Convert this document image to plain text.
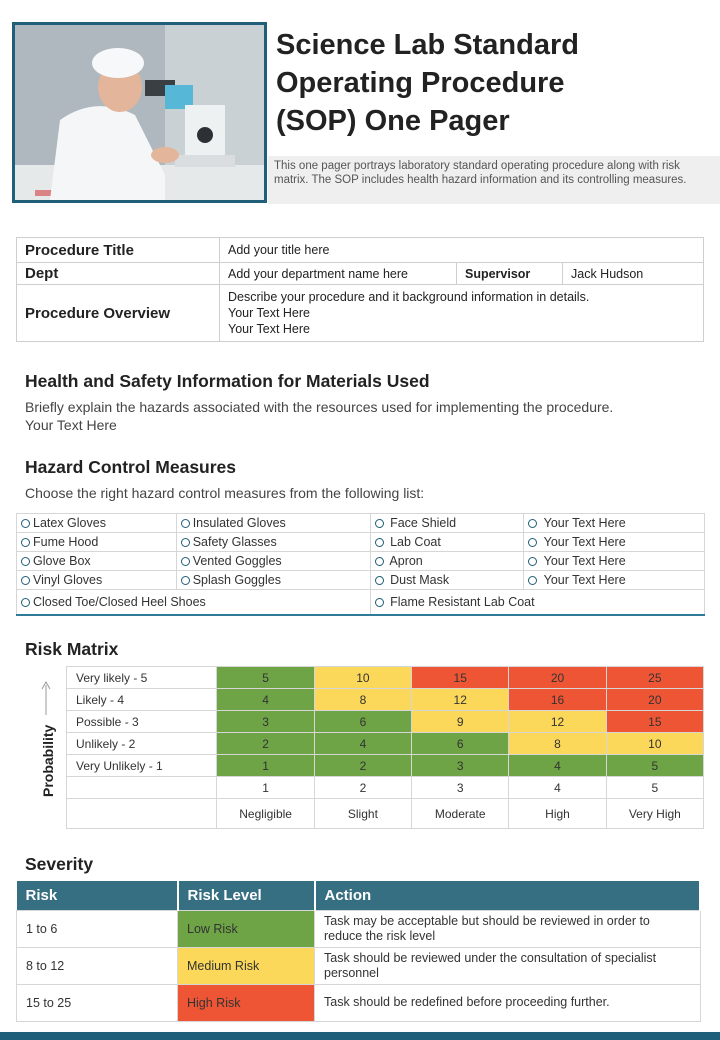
Science Lab Standard
Operating Procedure
(SOP) One Pager
This one pager portrays laboratory standard operating procedure along with risk matrix. The SOP includes health hazard information and its controlling measures.
Procedure Title	Add your title here		
Dept	Add your department name here	Supervisor	Jack Hudson
Procedure Overview	Describe your procedure and it background information in details.
Your Text Here
Your Text Here		
Health and Safety Information for Materials Used
Briefly explain the hazards associated with the resources used for implementing the procedure.
Your Text Here
Hazard Control Measures
Choose the right hazard control measures from the following list:
Latex Gloves	Insulated Gloves	Face Shield	Your Text Here
Fume Hood	Safety Glasses	Lab Coat	Your Text Here
Glove Box	Vented Goggles	Apron	Your Text Here
Vinyl Gloves	Splash Goggles	Dust Mask	Your Text Here
Closed Toe/Closed Heel Shoes		Flame Resistant Lab Coat	
Risk Matrix
Probability
Very likely - 5	5	10	15	20	25
Likely - 4	4	8	12	16	20
Possible - 3	3	6	9	12	15
Unlikely - 2	2	4	6	8	10
Very Unlikely - 1	1	2	3	4	5
	1	2	3	4	5
	Negligible	Slight	Moderate	High	Very High
Severity
Risk	Risk Level	Action
1 to 6	Low Risk	Task may be acceptable but should be reviewed in order to reduce the risk level
8 to 12	Medium Risk	Task should be reviewed under the consultation of specialist personnel
15 to 25	High Risk	Task should be redefined before proceeding further.
